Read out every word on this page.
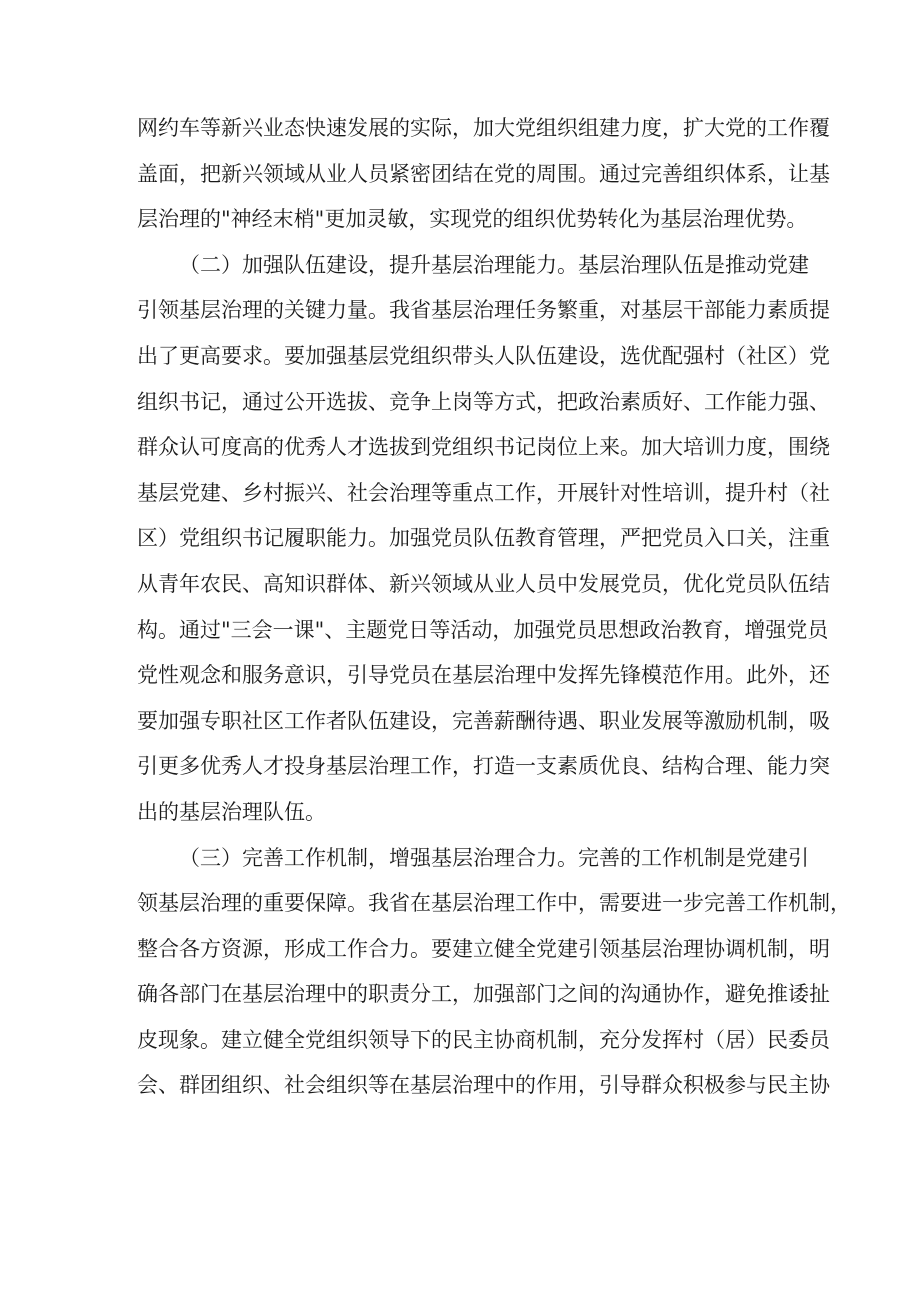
网约车等新兴业态快速发展的实际，加大党组织组建力度，扩大党的工作覆
盖面，把新兴领域从业人员紧密团结在党的周围。通过完善组织体系，让基
层治理的"神经末梢"更加灵敏，实现党的组织优势转化为基层治理优势。
（二）加强队伍建设，提升基层治理能力。基层治理队伍是推动党建
引领基层治理的关键力量。我省基层治理任务繁重，对基层干部能力素质提
出了更高要求。要加强基层党组织带头人队伍建设，选优配强村（社区）党
组织书记，通过公开选拔、竞争上岗等方式，把政治素质好、工作能力强、
群众认可度高的优秀人才选拔到党组织书记岗位上来。加大培训力度，围绕
基层党建、乡村振兴、社会治理等重点工作，开展针对性培训，提升村（社
区）党组织书记履职能力。加强党员队伍教育管理，严把党员入口关，注重
从青年农民、高知识群体、新兴领域从业人员中发展党员，优化党员队伍结
构。通过"三会一课"、主题党日等活动，加强党员思想政治教育，增强党员
党性观念和服务意识，引导党员在基层治理中发挥先锋模范作用。此外，还
要加强专职社区工作者队伍建设，完善薪酬待遇、职业发展等激励机制，吸
引更多优秀人才投身基层治理工作，打造一支素质优良、结构合理、能力突
出的基层治理队伍。
（三）完善工作机制，增强基层治理合力。完善的工作机制是党建引
领基层治理的重要保障。我省在基层治理工作中，需要进一步完善工作机制，
整合各方资源，形成工作合力。要建立健全党建引领基层治理协调机制，明
确各部门在基层治理中的职责分工，加强部门之间的沟通协作，避免推诿扯
皮现象。建立健全党组织领导下的民主协商机制，充分发挥村（居）民委员
会、群团组织、社会组织等在基层治理中的作用，引导群众积极参与民主协
